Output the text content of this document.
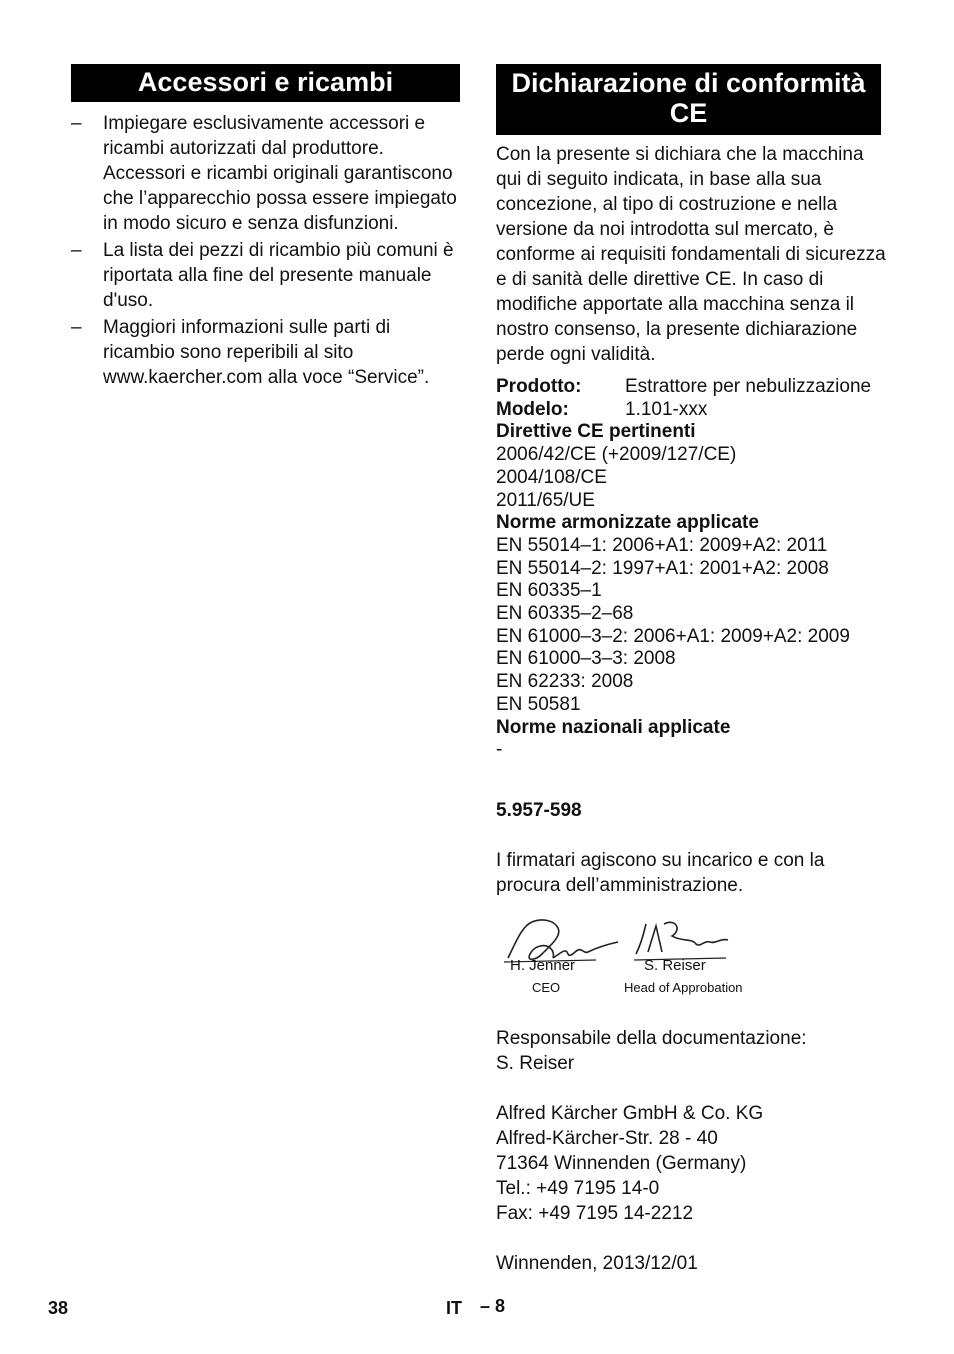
Accessori e ricambi
– Impiegare esclusivamente accessori e ricambi autorizzati dal produttore. Accessori e ricambi originali garantiscono che l’apparecchio possa essere impiegato in modo sicuro e senza disfunzioni.
– La lista dei pezzi di ricambio più comuni è riportata alla fine del presente manuale d'uso.
– Maggiori informazioni sulle parti di ricambio sono reperibili al sito www.kaercher.com alla voce “Service”.
Dichiarazione di conformità CE

Con la presente si dichiara che la macchina qui di seguito indicata, in base alla sua concezione, al tipo di costruzione e nella versione da noi introdotta sul mercato, è conforme ai requisiti fondamentali di sicurezza e di sanità delle direttive CE. In caso di modifiche apportate alla macchina senza il nostro consenso, la presente dichiarazione perde ogni validità.

Prodotto:	Estrattore per nebulizzazione
Modelo:	1.101-xxx
Direttive CE pertinenti
2006/42/CE (+2009/127/CE)
2004/108/CE
2011/65/UE
Norme armonizzate applicate
EN 55014–1: 2006+A1: 2009+A2: 2011
EN 55014–2: 1997+A1: 2001+A2: 2008
EN 60335–1
EN 60335–2–68
EN 61000–3–2: 2006+A1: 2009+A2: 2009
EN 61000–3–3: 2008
EN 62233: 2008
EN 50581
Norme nazionali applicate
-
5.957-598
I firmatari agiscono su incarico e con la procura dell’amministrazione.
H. Jenner
CEO
S. Reiser
Head of Approbation
Responsabile della documentazione:
S. Reiser
Alfred Kärcher GmbH & Co. KG
Alfred-Kärcher-Str. 28 - 40
71364 Winnenden (Germany)
Tel.: +49 7195 14-0
Fax: +49 7195 14-2212
Winnenden, 2013/12/01
38	IT – 8
